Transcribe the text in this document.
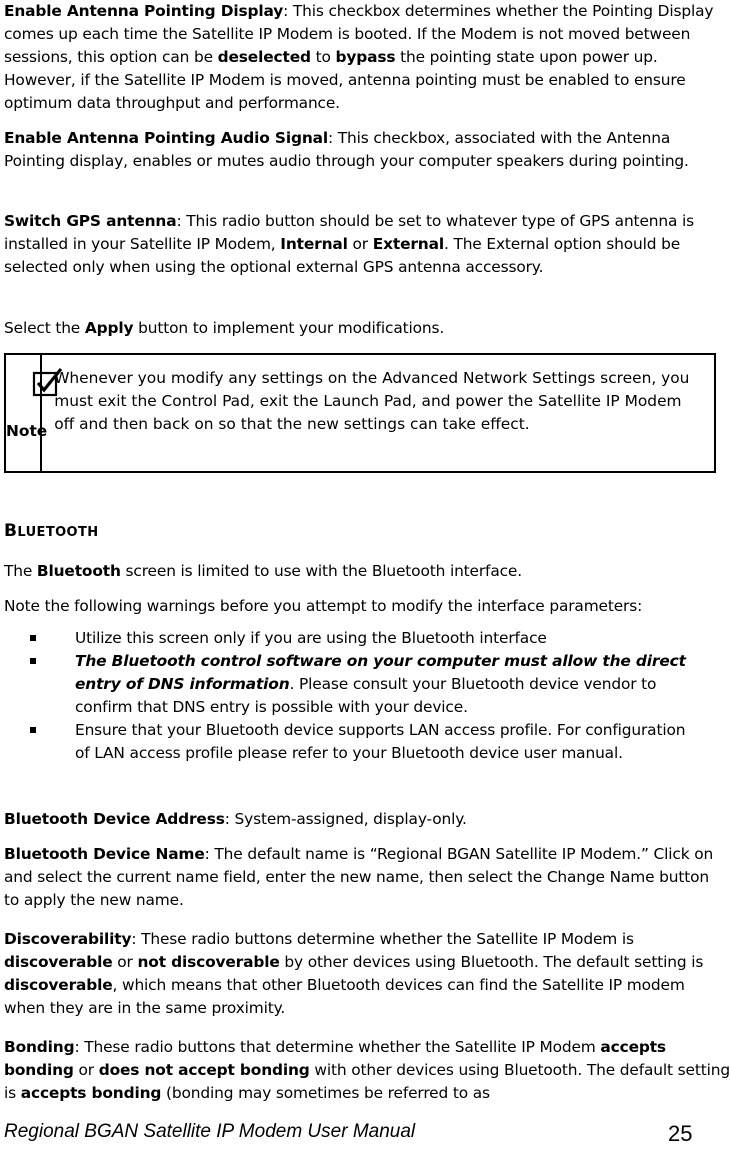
Enable Antenna Pointing Display: This checkbox determines whether the Pointing Display comes up each time the Satellite IP Modem is booted. If the Modem is not moved between sessions, this option can be deselected to bypass the pointing state upon power up. However, if the Satellite IP Modem is moved, antenna pointing must be enabled to ensure optimum data throughput and performance.

Enable Antenna Pointing Audio Signal: This checkbox, associated with the Antenna Pointing display, enables or mutes audio through your computer speakers during pointing.

Switch GPS antenna: This radio button should be set to whatever type of GPS antenna is installed in your Satellite IP Modem, Internal or External. The External option should be selected only when using the optional external GPS antenna accessory.

Select the Apply button to implement your modifications.

Note
Whenever you modify any settings on the Advanced Network Settings screen, you must exit the Control Pad, exit the Launch Pad, and power the Satellite IP Modem off and then back on so that the new settings can take effect.
BLUETOOTH

The Bluetooth screen is limited to use with the Bluetooth interface.

Note the following warnings before you attempt to modify the interface parameters:

Utilize this screen only if you are using the Bluetooth interface
The Bluetooth control software on your computer must allow the direct entry of DNS information. Please consult your Bluetooth device vendor to confirm that DNS entry is possible with your device.
Ensure that your Bluetooth device supports LAN access profile. For configuration of LAN access profile please refer to your Bluetooth device user manual.

Bluetooth Device Address: System-assigned, display-only.

Bluetooth Device Name: The default name is “Regional BGAN Satellite IP Modem.” Click on and select the current name field, enter the new name, then select the Change Name button to apply the new name.

Discoverability: These radio buttons determine whether the Satellite IP Modem is discoverable or not discoverable by other devices using Bluetooth. The default setting is discoverable, which means that other Bluetooth devices can find the Satellite IP modem when they are in the same proximity.

Bonding: These radio buttons that determine whether the Satellite IP Modem accepts bonding or does not accept bonding with other devices using Bluetooth. The default setting is accepts bonding (bonding may sometimes be referred to as

Regional BGAN Satellite IP Modem User Manual	25
